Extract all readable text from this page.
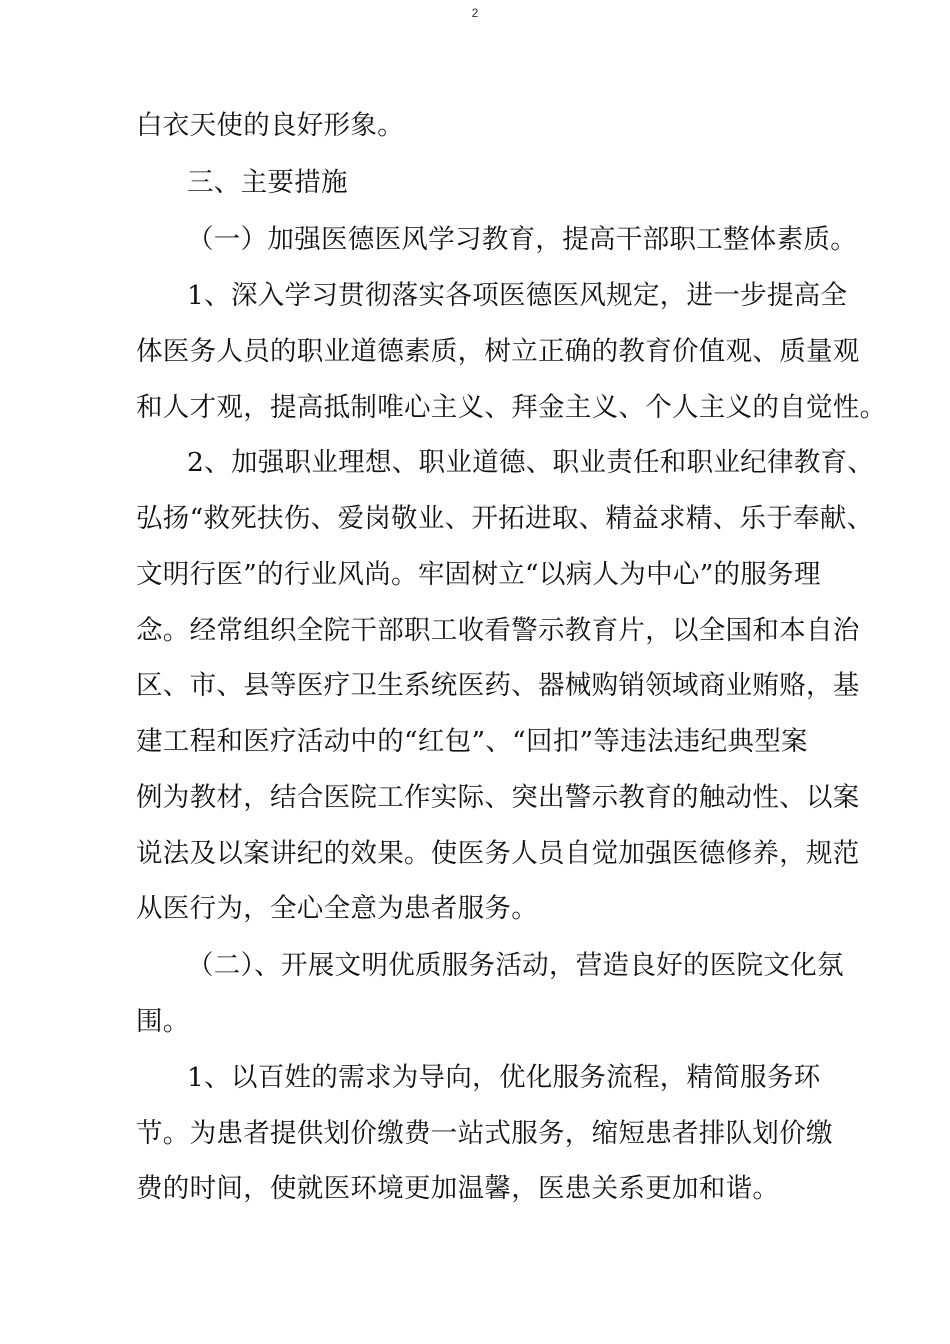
2
白衣天使的良好形象。
三、主要措施
（一）加强医德医风学习教育，提高干部职工整体素质。
1、深入学习贯彻落实各项医德医风规定，进一步提高全
体医务人员的职业道德素质，树立正确的教育价值观、质量观
和人才观，提高抵制唯心主义、拜金主义、个人主义的自觉性。
2、加强职业理想、职业道德、职业责任和职业纪律教育、
弘扬“救死扶伤、爱岗敬业、开拓进取、精益求精、乐于奉献、
文明行医”的行业风尚。牢固树立“以病人为中心”的服务理
念。经常组织全院干部职工收看警示教育片，以全国和本自治
区、市、县等医疗卫生系统医药、器械购销领域商业贿赂，基
建工程和医疗活动中的“红包”、“回扣”等违法违纪典型案
例为教材，结合医院工作实际、突出警示教育的触动性、以案
说法及以案讲纪的效果。使医务人员自觉加强医德修养，规范
从医行为，全心全意为患者服务。
（二）、开展文明优质服务活动，营造良好的医院文化氛
围。
1、以百姓的需求为导向，优化服务流程，精简服务环
节。为患者提供划价缴费一站式服务，缩短患者排队划价缴
费的时间，使就医环境更加温馨，医患关系更加和谐。
